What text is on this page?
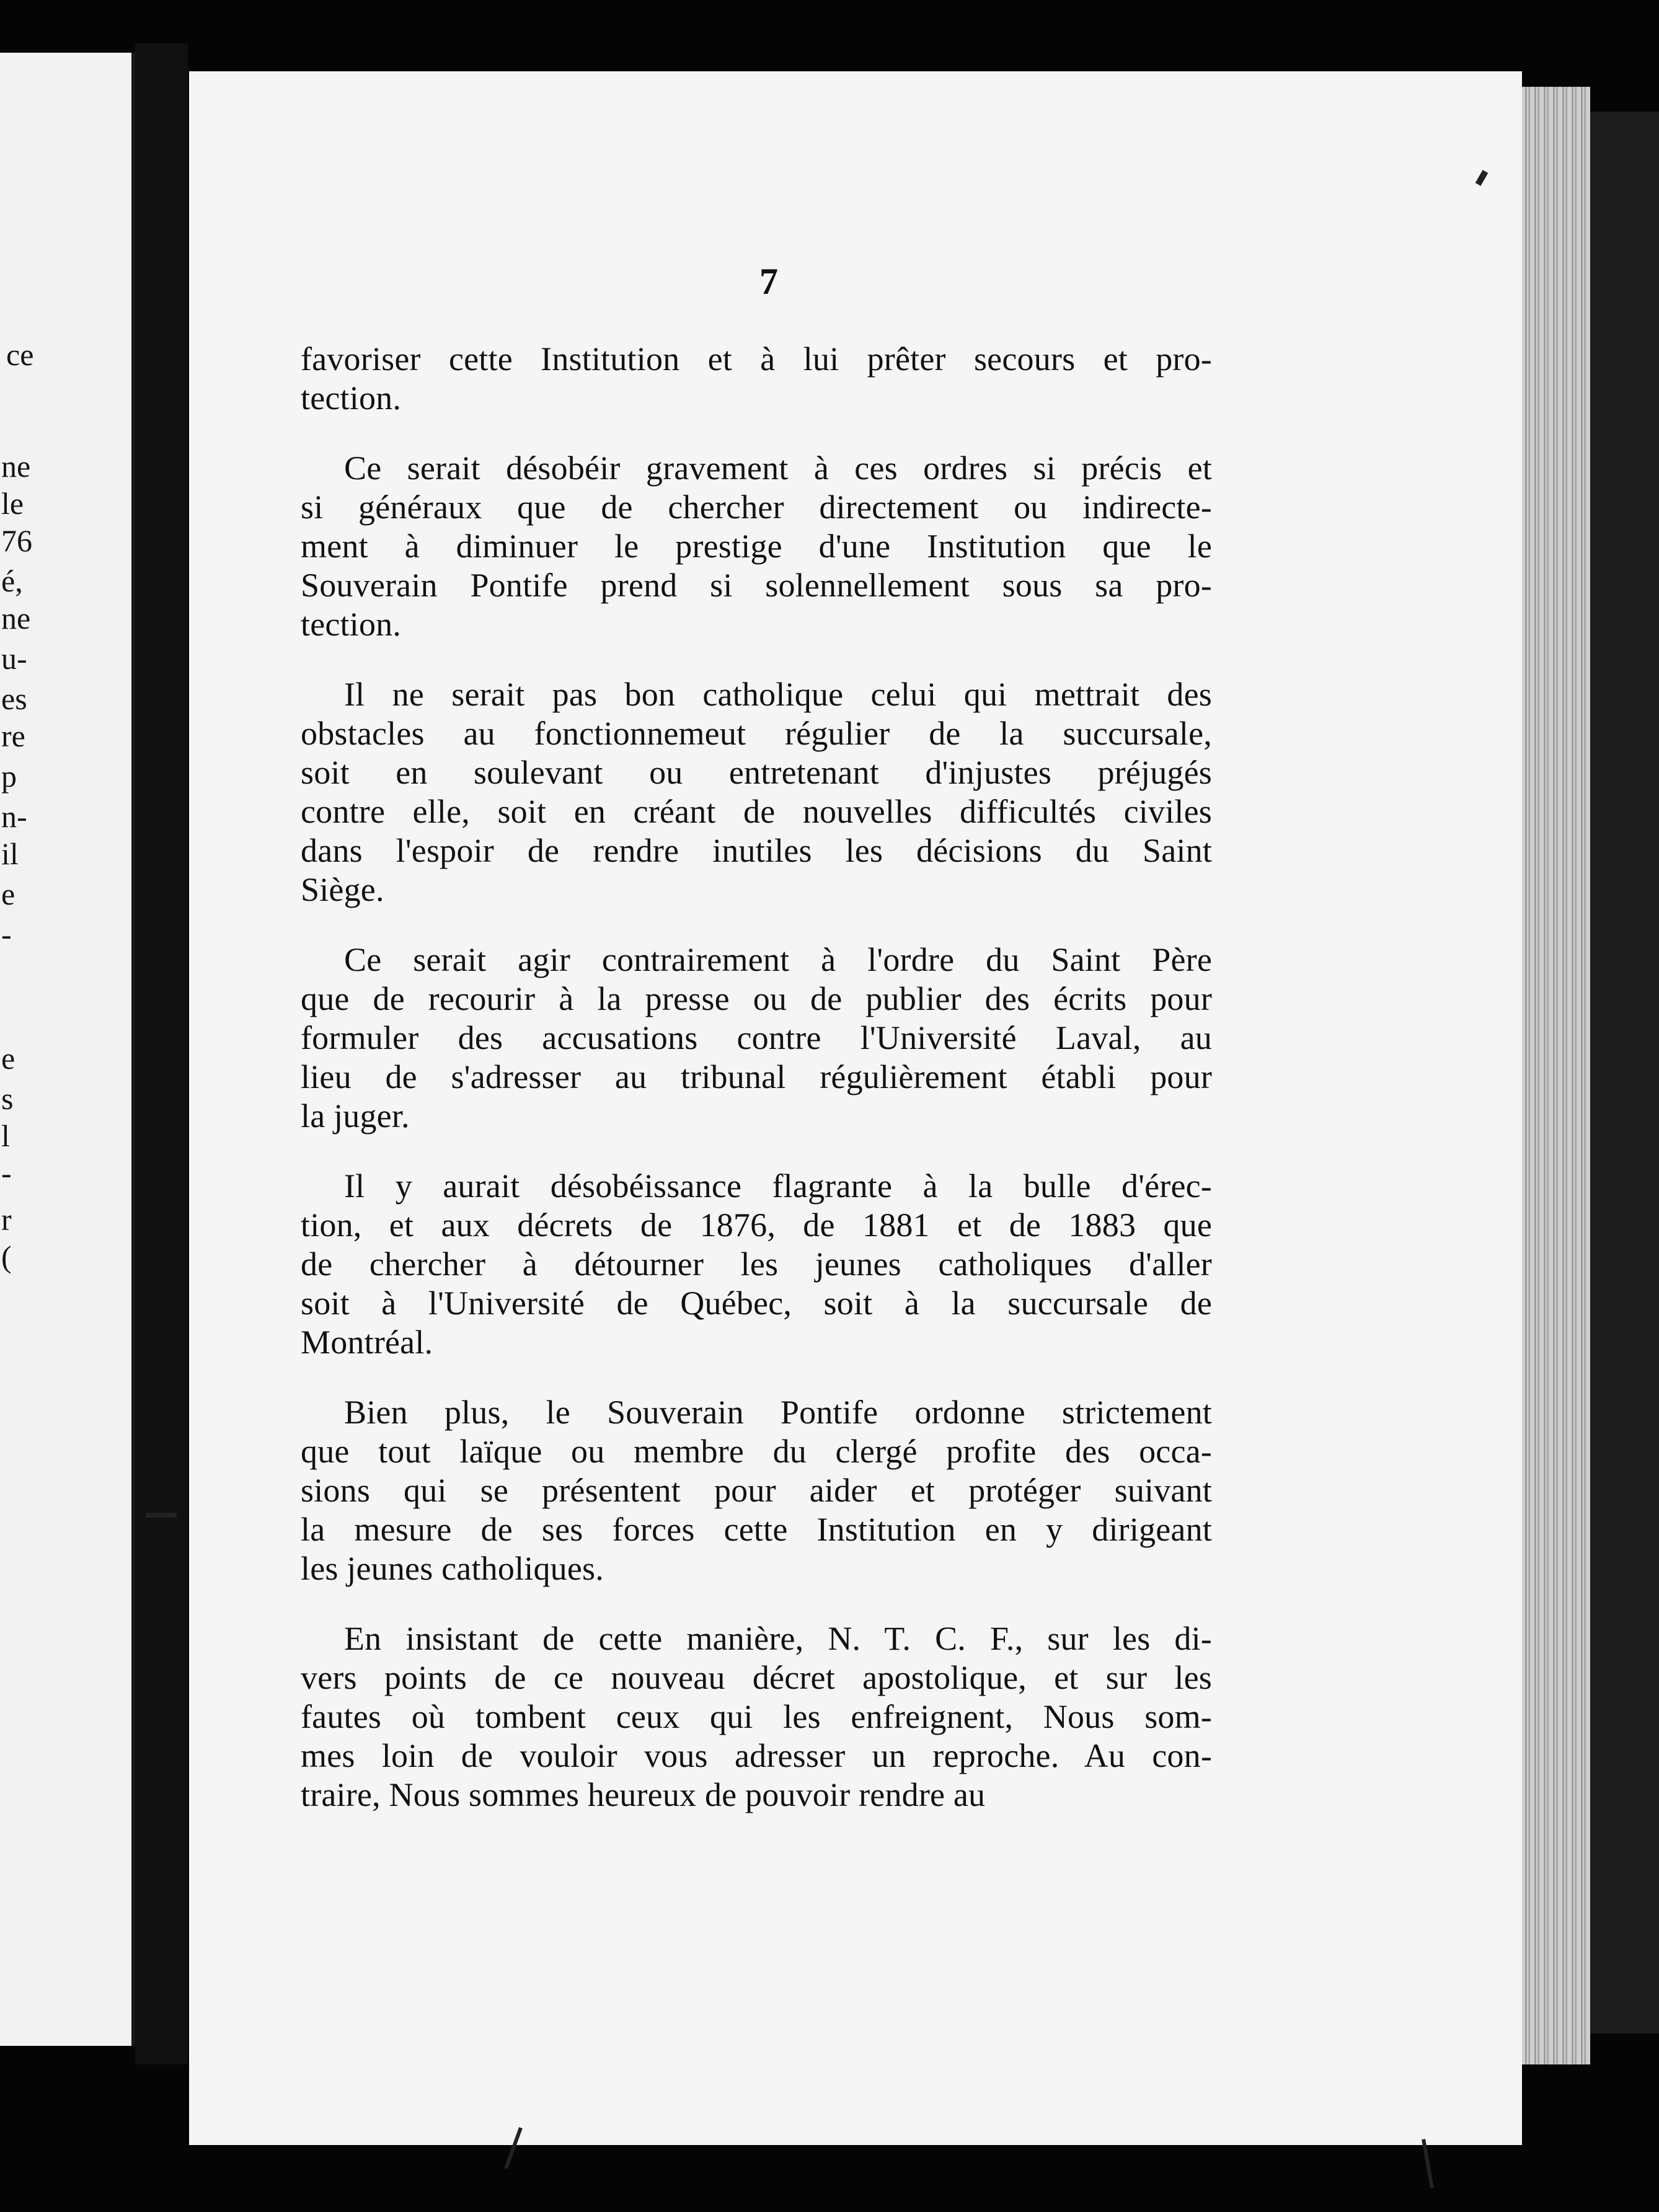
ce

ne

le

76

é,

ne

u-

es

re

p

n-

il

e

-

e

s

l

-

r

(

7

favoriser cette Institution et à lui prêter secours et pro-
tection.

Ce serait désobéir gravement à ces ordres si précis et
si généraux que de chercher directement ou indirecte-
ment à diminuer le prestige d'une Institution que le
Souverain Pontife prend si solennellement sous sa pro-
tection.

Il ne serait pas bon catholique celui qui mettrait des
obstacles au fonctionnemeut régulier de la succursale,
soit en soulevant ou entretenant d'injustes préjugés
contre elle, soit en créant de nouvelles difficultés civiles
dans l'espoir de rendre inutiles les décisions du Saint
Siège.

Ce serait agir contrairement à l'ordre du Saint Père
que de recourir à la presse ou de publier des écrits pour
formuler des accusations contre l'Université Laval, au
lieu de s'adresser au tribunal régulièrement établi pour
la juger.

Il y aurait désobéissance flagrante à la bulle d'érec-
tion, et aux décrets de 1876, de 1881 et de 1883 que
de chercher à détourner les jeunes catholiques d'aller
soit à l'Université de Québec, soit à la succursale de
Montréal.

Bien plus, le Souverain Pontife ordonne strictement
que tout laïque ou membre du clergé profite des occa-
sions qui se présentent pour aider et protéger suivant
la mesure de ses forces cette Institution en y dirigeant
les jeunes catholiques.

En insistant de cette manière, N. T. C. F., sur les di-
vers points de ce nouveau décret apostolique, et sur les
fautes où tombent ceux qui les enfreignent, Nous som-
mes loin de vouloir vous adresser un reproche. Au con-
traire, Nous sommes heureux de pouvoir rendre au
